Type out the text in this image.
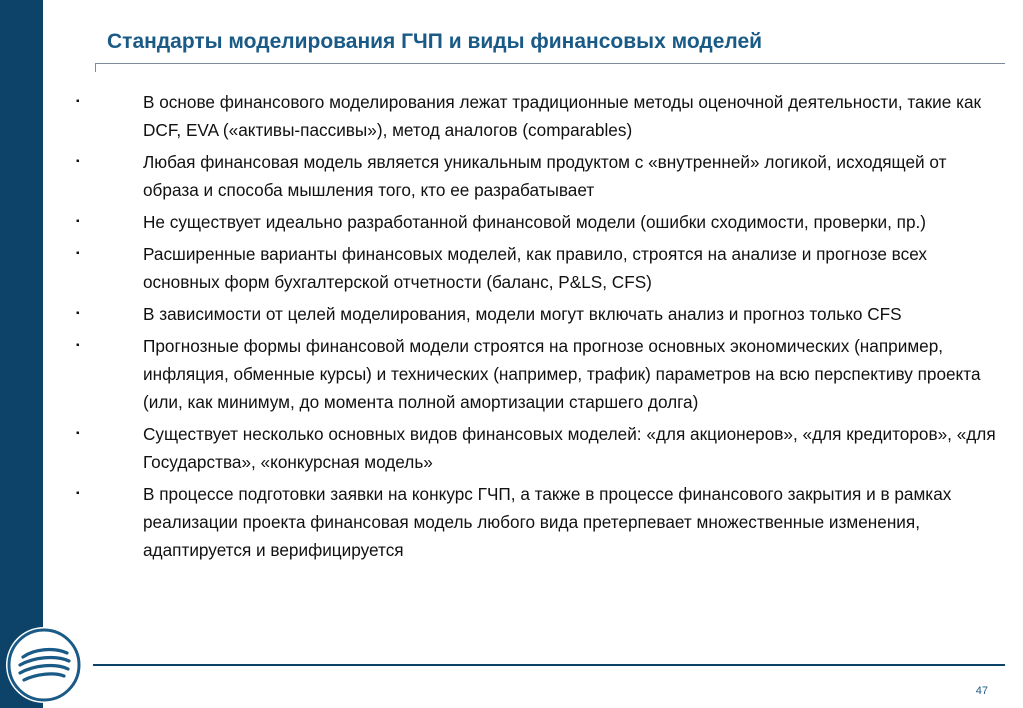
Стандарты моделирования ГЧП и виды финансовых моделей
▪	В основе финансового моделирования лежат традиционные методы оценочной деятельности, такие как DCF, EVA («активы-пассивы»), метод аналогов (comparables)
▪	Любая финансовая модель является уникальным продуктом с «внутренней» логикой, исходящей от образа и способа мышления того, кто ее разрабатывает
▪	Не существует идеально разработанной финансовой модели (ошибки сходимости, проверки, пр.)
▪	Расширенные варианты финансовых моделей, как правило, строятся на анализе и прогнозе всех основных форм бухгалтерской отчетности (баланс, P&LS, CFS)
▪	В зависимости от целей моделирования, модели могут включать анализ и прогноз только CFS
▪	Прогнозные формы финансовой модели строятся на прогнозе основных экономических (например, инфляция, обменные курсы) и технических (например, трафик) параметров на всю перспективу проекта (или, как минимум, до момента полной амортизации старшего долга)
▪	Существует несколько основных видов финансовых моделей: «для акционеров», «для кредиторов», «для Государства», «конкурсная модель»
▪	В процессе подготовки заявки на конкурс ГЧП, а также в процессе финансового закрытия и в рамках реализации проекта финансовая модель любого вида претерпевает множественные изменения, адаптируется и верифицируется
47
